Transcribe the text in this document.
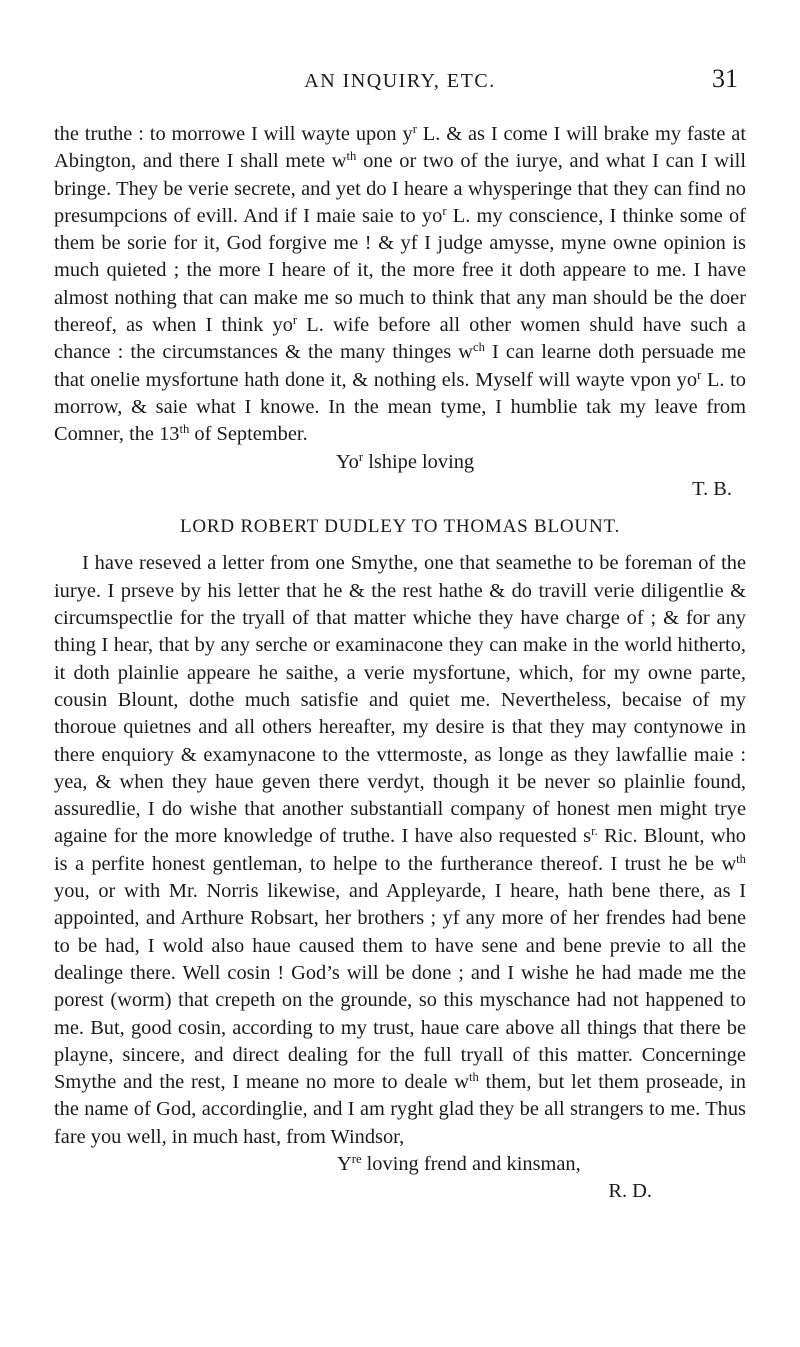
AN INQUIRY, ETC.	31

the truthe : to morrowe I will wayte upon $y^r$ L. & as I come I will brake my faste at Abington, and there I shall mete $w^{th}$ one or two of the iurye, and what I can I will bringe. They be verie secrete, and yet do I heare a whysperinge that they can find no presumpcions of evill. And if I maie saie to $yo^r$ L. my conscience, I thinke some of them be sorie for it, God forgive me ! & yf I judge amysse, myne owne opinion is much quieted ; the more I heare of it, the more free it doth appeare to me. I have almost nothing that can make me so much to think that any man should be the doer thereof, as when I think $yo^r$ L. wife before all other women shuld have such a chance : the circumstances & the many thinges $w^{ch}$ I can learne doth persuade me that onelie mysfortune hath done it, & nothing els. Myself will wayte vpon $yo^r$ L. to morrow, & saie what I knowe. In the mean tyme, I humblie tak my leave from Comner, the 13th of September.

Yo$^r$ lshipe loving

T. B.

LORD ROBERT DUDLEY TO THOMAS BLOUNT.

I have reseved a letter from one Smythe, one that seamethe to be foreman of the iurye. I prseve by his letter that he & the rest hathe & do travill verie diligentlie & circumspectlie for the tryall of that matter whiche they have charge of ; & for any thing I hear, that by any serche or examinacone they can make in the world hitherto, it doth plainlie appeare he saithe, a verie mysfortune, which, for my owne parte, cousin Blount, dothe much satisfie and quiet me. Nevertheless, becaise of my thoroue quietnes and all others hereafter, my desire is that they may contynowe in there enquiory & examynacone to the vttermoste, as longe as they lawfallie maie : yea, & when they haue geven there verdyt, though it be never so plainlie found, assuredlie, I do wishe that another substantiall company of honest men might trye againe for the more knowledge of truthe. I have also requested $s^{r.}$ Ric. Blount, who is a perfite honest gentleman, to helpe to the furtherance thereof. I trust he be $w^{th}$ you, or with Mr. Norris likewise, and Appleyarde, I heare, hath bene there, as I appointed, and Arthure Robsart, her brothers ; yf any more of her frendes had bene to be had, I wold also haue caused them to have sene and bene previe to all the dealinge there. Well cosin ! God’s will be done ; and I wishe he had made me the porest (worm) that crepeth on the grounde, so this myschance had not happened to me. But, good cosin, according to my trust, haue care above all things that there be playne, sincere, and direct dealing for the full tryall of this matter. Concerninge Smythe and the rest, I meane no more to deale $w^{th}$ them, but let them proseade, in the name of God, accordinglie, and I am ryght glad they be all strangers to me. Thus fare you well, in much hast, from Windsor,

$Y^{re}$ loving frend and kinsman,

R. D.
